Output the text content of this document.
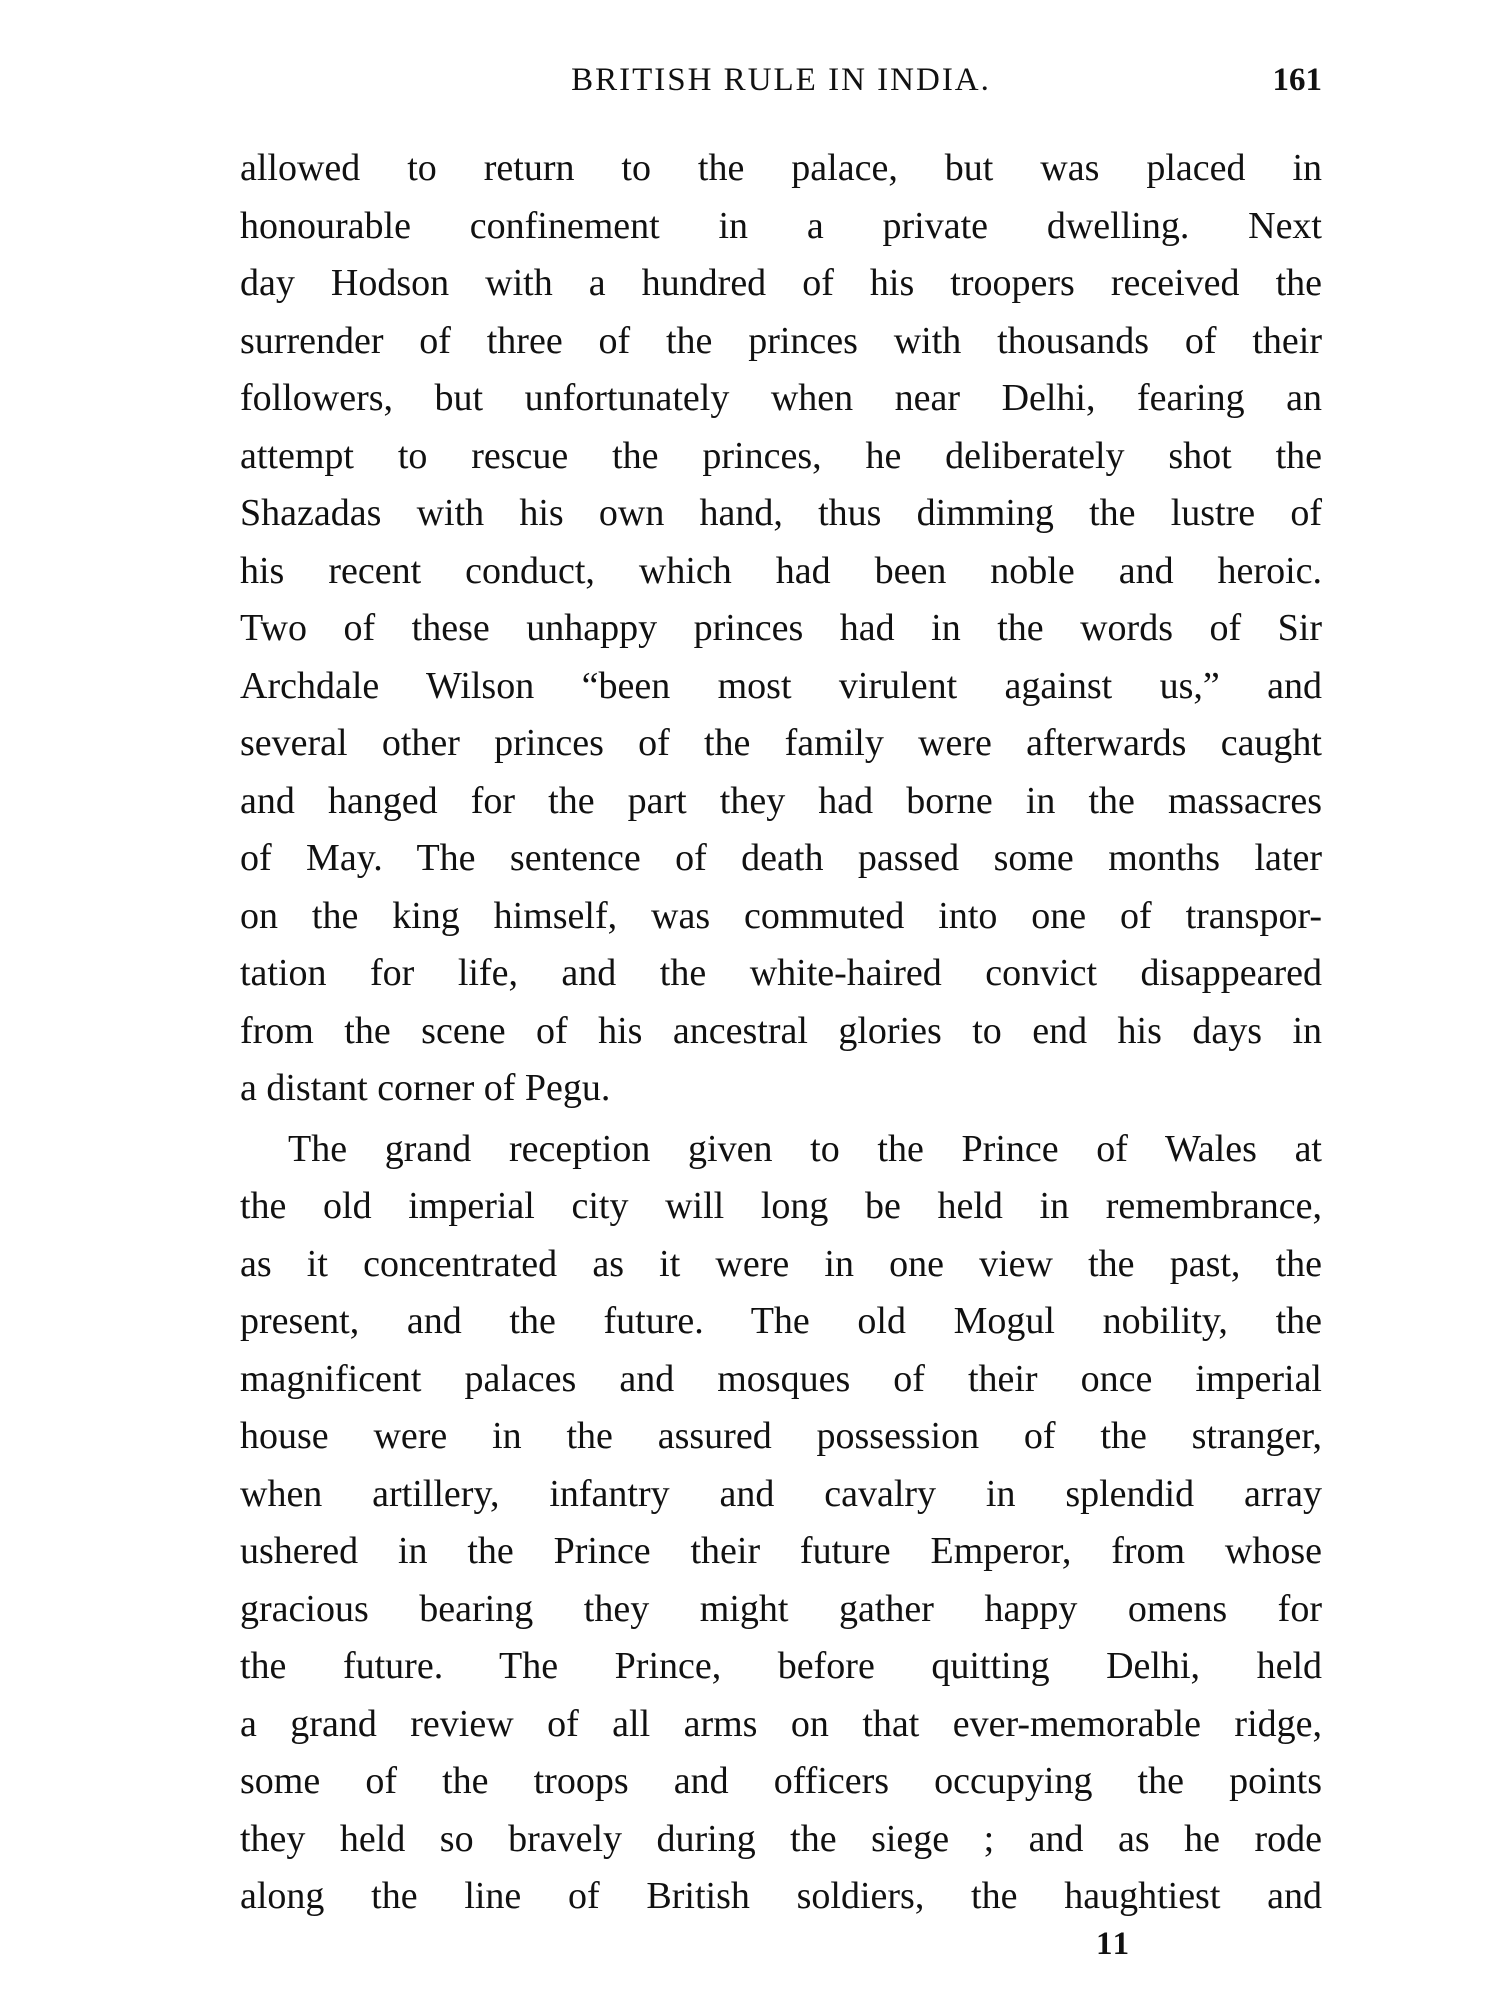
BRITISH RULE IN INDIA.	161
allowed to return to the palace, but was placed in
honourable confinement in a private dwelling. Next
day Hodson with a hundred of his troopers received the
surrender of three of the princes with thousands of their
followers, but unfortunately when near Delhi, fearing an
attempt to rescue the princes, he deliberately shot the
Shazadas with his own hand, thus dimming the lustre of
his recent conduct, which had been noble and heroic.
Two of these unhappy princes had in the words of Sir
Archdale Wilson “been most virulent against us,” and
several other princes of the family were afterwards caught
and hanged for the part they had borne in the massacres
of May. The sentence of death passed some months later
on the king himself, was commuted into one of transpor-
tation for life, and the white-haired convict disappeared
from the scene of his ancestral glories to end his days in
a distant corner of Pegu.
The grand reception given to the Prince of Wales at
the old imperial city will long be held in remembrance,
as it concentrated as it were in one view the past, the
present, and the future. The old Mogul nobility, the
magnificent palaces and mosques of their once imperial
house were in the assured possession of the stranger,
when artillery, infantry and cavalry in splendid array
ushered in the Prince their future Emperor, from whose
gracious bearing they might gather happy omens for
the future. The Prince, before quitting Delhi, held
a grand review of all arms on that ever-memorable ridge,
some of the troops and officers occupying the points
they held so bravely during the siege ; and as he rode
along the line of British soldiers, the haughtiest and
11
